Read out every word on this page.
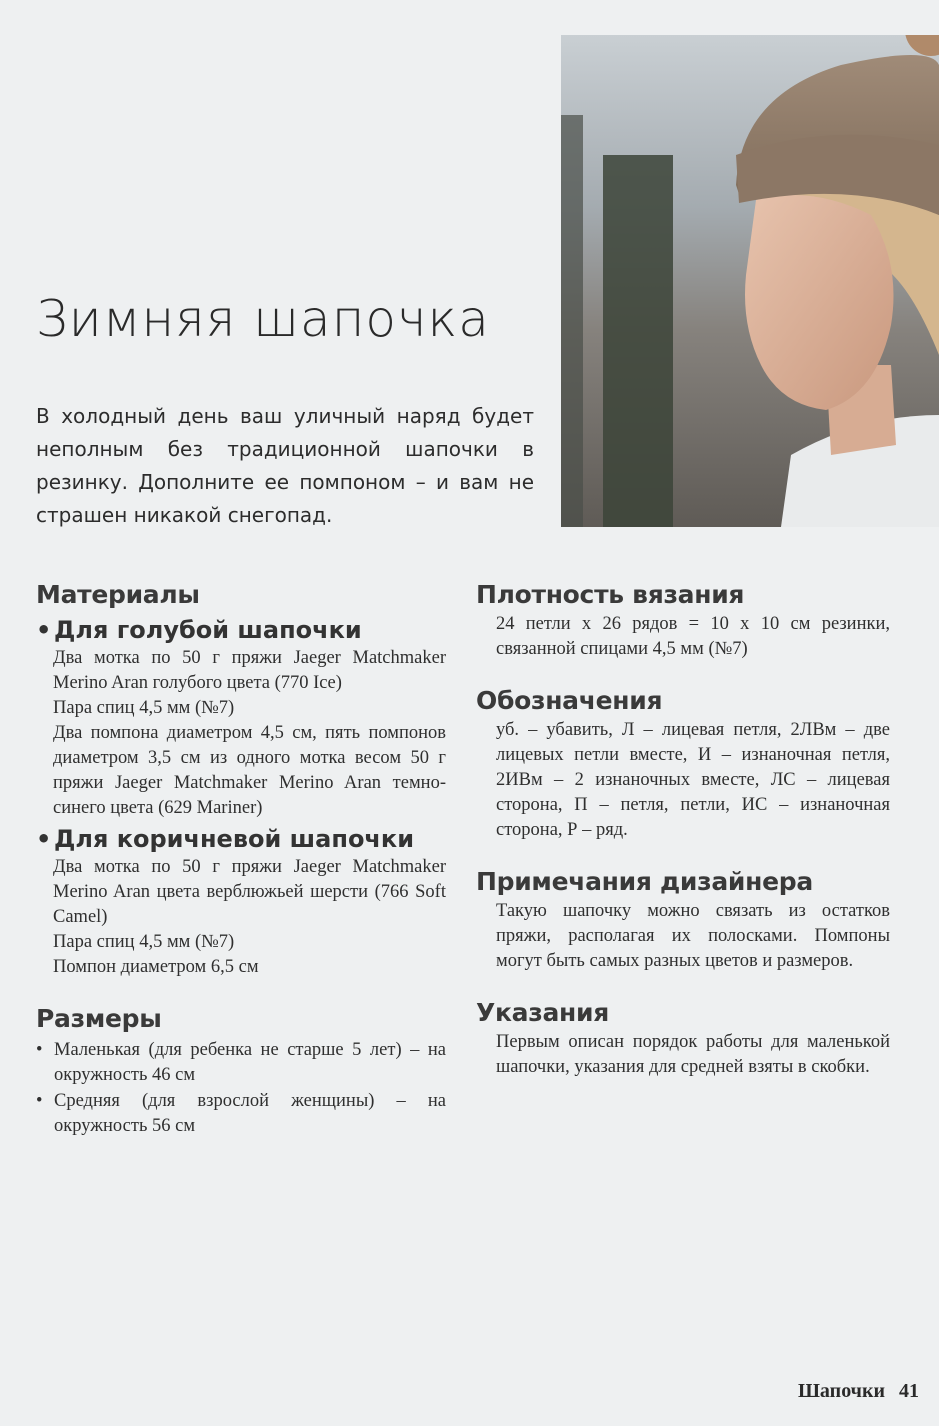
Зимняя шапочка
В холодный день ваш уличный наряд будет неполным без традиционной шапочки в резинку. Дополните ее помпоном – и вам не страшен никакой снегопад.
Материалы
• Для голубой шапочки

Два мотка по 50 г пряжи Jaeger Matchmaker Merino Aran голубого цвета (770 Ice)

Пара спиц 4,5 мм (№7)

Два помпона диаметром 4,5 см, пять помпонов диаметром 3,5 см из одного мотка весом 50 г пряжи Jaeger Matchmaker Merino Aran темно-синего цвета (629 Mariner)

• Для коричневой шапочки

Два мотка по 50 г пряжи Jaeger Matchmaker Merino Aran цвета верблюжьей шерсти (766 Soft Camel)

Пара спиц 4,5 мм (№7)

Помпон диаметром 6,5 см

Размеры
• Маленькая (для ребенка не старше 5 лет) – на окружность 46 см
• Средняя (для взрослой женщины) – на окружность 56 см
Плотность вязания
24 петли х 26 рядов = 10 х 10 см резинки, связанной спицами 4,5 мм (№7)
Обозначения
уб. – убавить, Л – лицевая петля, 2ЛВм – две лицевых петли вместе, И – изнаночная петля, 2ИВм – 2 изнаночных вместе, ЛС – лицевая сторона, П – петля, петли, ИС – изнаночная сторона, Р – ряд.
Примечания дизайнера
Такую шапочку можно связать из остатков пряжи, располагая их полосками. Помпоны могут быть самых разных цветов и размеров.
Указания
Первым описан порядок работы для маленькой шапочки, указания для средней взяты в скобки.
Шапочки 41
